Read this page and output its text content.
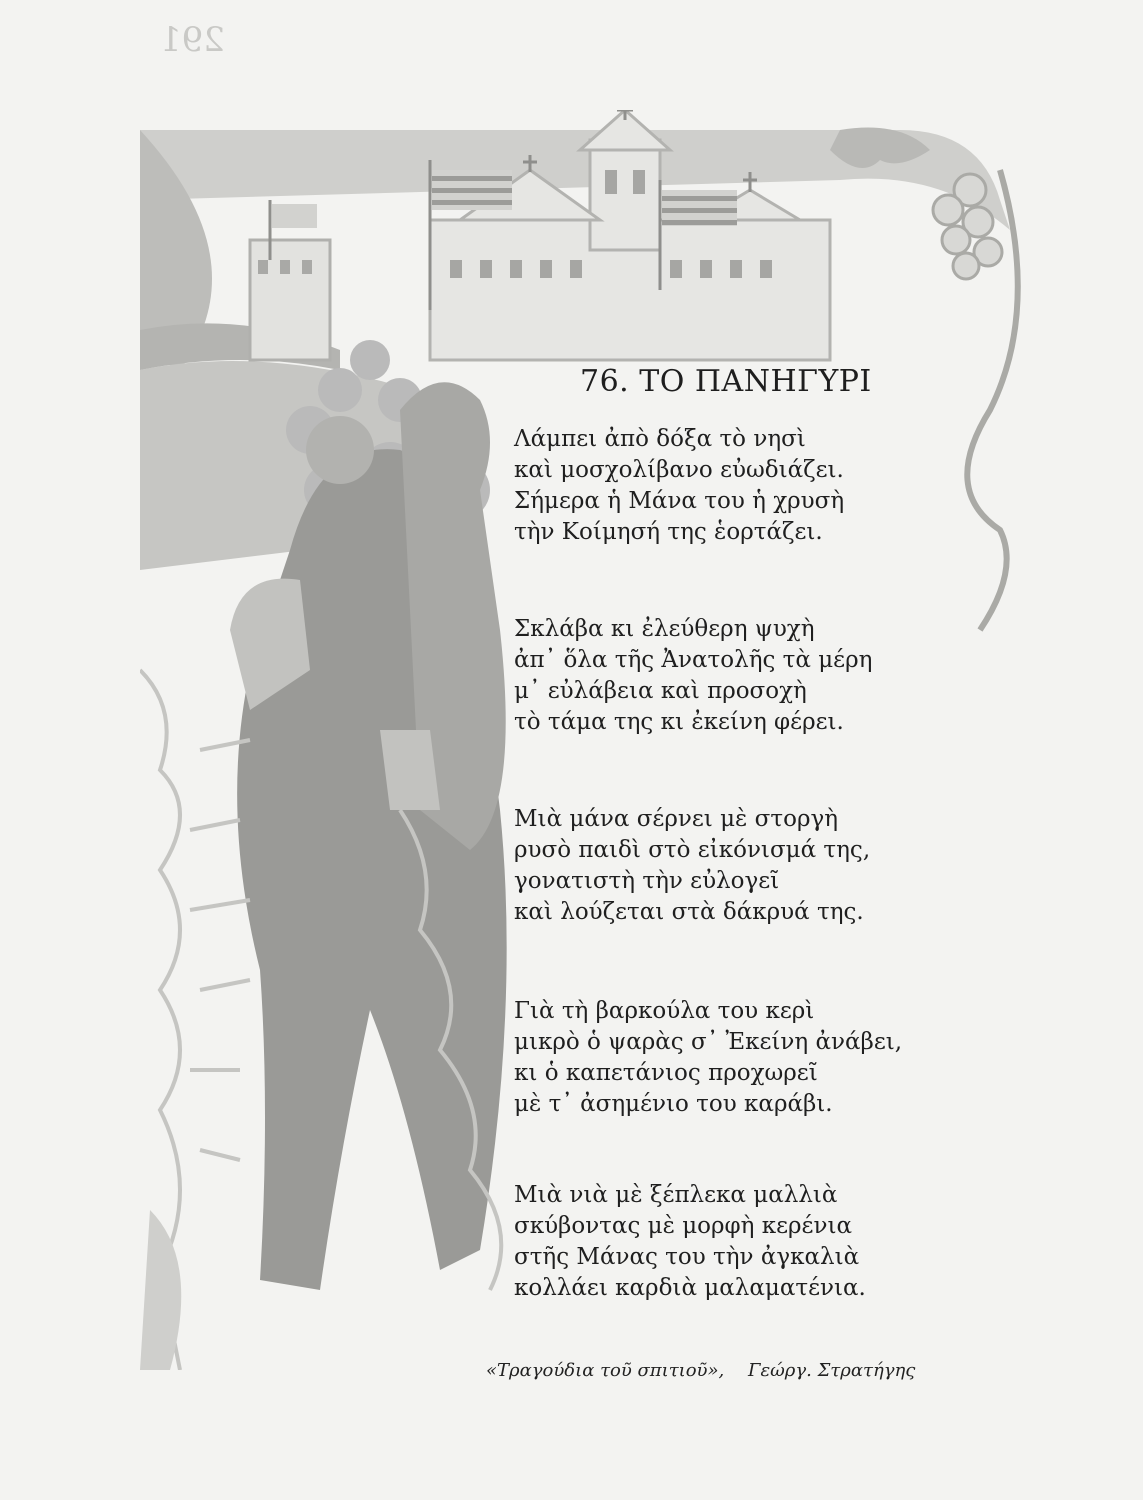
291
76. ΤΟ ΠΑΝΗΓΥΡΙ

Λάμπει ἀπὸ δόξα τὸ νησὶ

καὶ μοσχολίβανο εὐωδιάζει.

Σήμερα ἡ Μάνα του ἡ χρυσὴ

τὴν Κοίμησή της ἑορτάζει.

Σκλάβα κι ἐλεύθερη ψυχὴ

ἀπ᾽ ὅλα τῆς Ἀνατολῆς τὰ μέρη

μ᾽ εὐλάβεια καὶ προσοχὴ

τὸ τάμα της κι ἐκείνη φέρει.

Μιὰ μάνα σέρνει μὲ στοργὴ

ρυσὸ παιδὶ στὸ εἰκόνισμά της,

γονατιστὴ τὴν εὐλογεῖ

καὶ λούζεται στὰ δάκρυά της.

Γιὰ τὴ βαρκούλα του κερὶ

μικρὸ ὁ ψαρὰς σ᾽ Ἐκείνη ἀνάβει,

κι ὁ καπετάνιος προχωρεῖ

μὲ τ᾽ ἀσημένιο του καράβι.

Μιὰ νιὰ μὲ ξέπλεκα μαλλιὰ

σκύβοντας μὲ μορφὴ κερένια

στῆς Μάνας του τὴν ἀγκαλιὰ

κολλάει καρδιὰ μαλαματένια.

«Τραγούδια τοῦ σπιτιοῦ», Γεώργ. Στρατήγης
